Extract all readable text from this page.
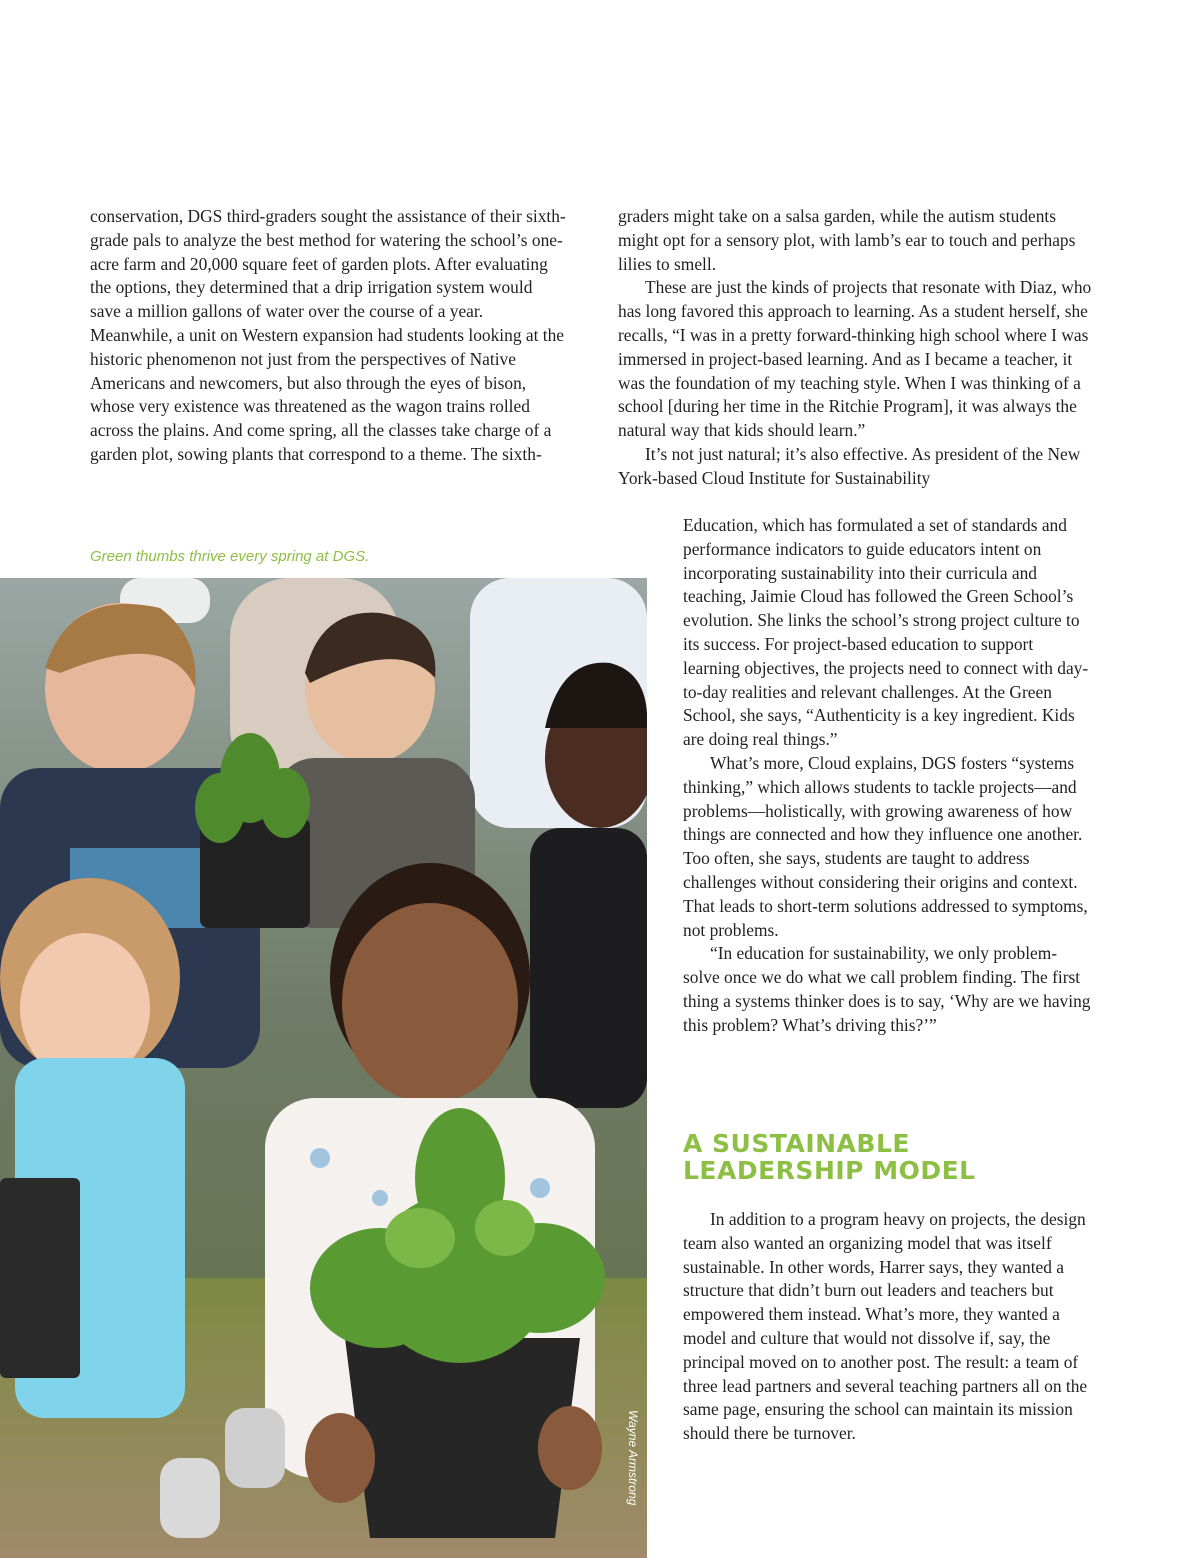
conservation, DGS third-graders sought the assistance of their sixth-grade pals to analyze the best method for watering the school’s one-acre farm and 20,000 square feet of garden plots. After evaluating the options, they determined that a drip irrigation system would save a million gallons of water over the course of a year. Meanwhile, a unit on Western expansion had students looking at the historic phenomenon not just from the perspectives of Native Americans and newcomers, but also through the eyes of bison, whose very existence was threatened as the wagon trains rolled across the plains. And come spring, all the classes take charge of a garden plot, sowing plants that correspond to a theme. The sixth-

graders might take on a salsa garden, while the autism students might opt for a sensory plot, with lamb’s ear to touch and perhaps lilies to smell.

These are just the kinds of projects that resonate with Diaz, who has long favored this approach to learning. As a student herself, she recalls, “I was in a pretty forward-thinking high school where I was immersed in project-based learning. And as I became a teacher, it was the foundation of my teaching style. When I was thinking of a school [during her time in the Ritchie Program], it was always the natural way that kids should learn.”

It’s not just natural; it’s also effective. As president of the New York-based Cloud Institute for Sustainability

Education, which has formulated a set of standards and performance indicators to guide educators intent on incorporating sustainability into their curricula and teaching, Jaimie Cloud has followed the Green School’s evolution. She links the school’s strong project culture to its success. For project-based education to support learning objectives, the projects need to connect with day-to-day realities and relevant challenges. At the Green School, she says, “Authenticity is a key ingredient. Kids are doing real things.”

What’s more, Cloud explains, DGS fosters “systems thinking,” which allows students to tackle projects—and problems—holistically, with growing awareness of how things are connected and how they influence one another. Too often, she says, students are taught to address challenges without considering their origins and context. That leads to short-term solutions addressed to symptoms, not problems.

“In education for sustainability, we only problem-solve once we do what we call problem finding. The first thing a systems thinker does is to say, ‘Why are we having this problem? What’s driving this?’”

Green thumbs thrive every spring at DGS.
Wayne Armstrong
A SUSTAINABLE
LEADERSHIP MODEL

In addition to a program heavy on projects, the design team also wanted an organizing model that was itself sustainable. In other words, Harrer says, they wanted a structure that didn’t burn out leaders and teachers but empowered them instead. What’s more, they wanted a model and culture that would not dissolve if, say, the principal moved on to another post. The result: a team of three lead partners and several teaching partners all on the same page, ensuring the school can maintain its mission should there be turnover.
